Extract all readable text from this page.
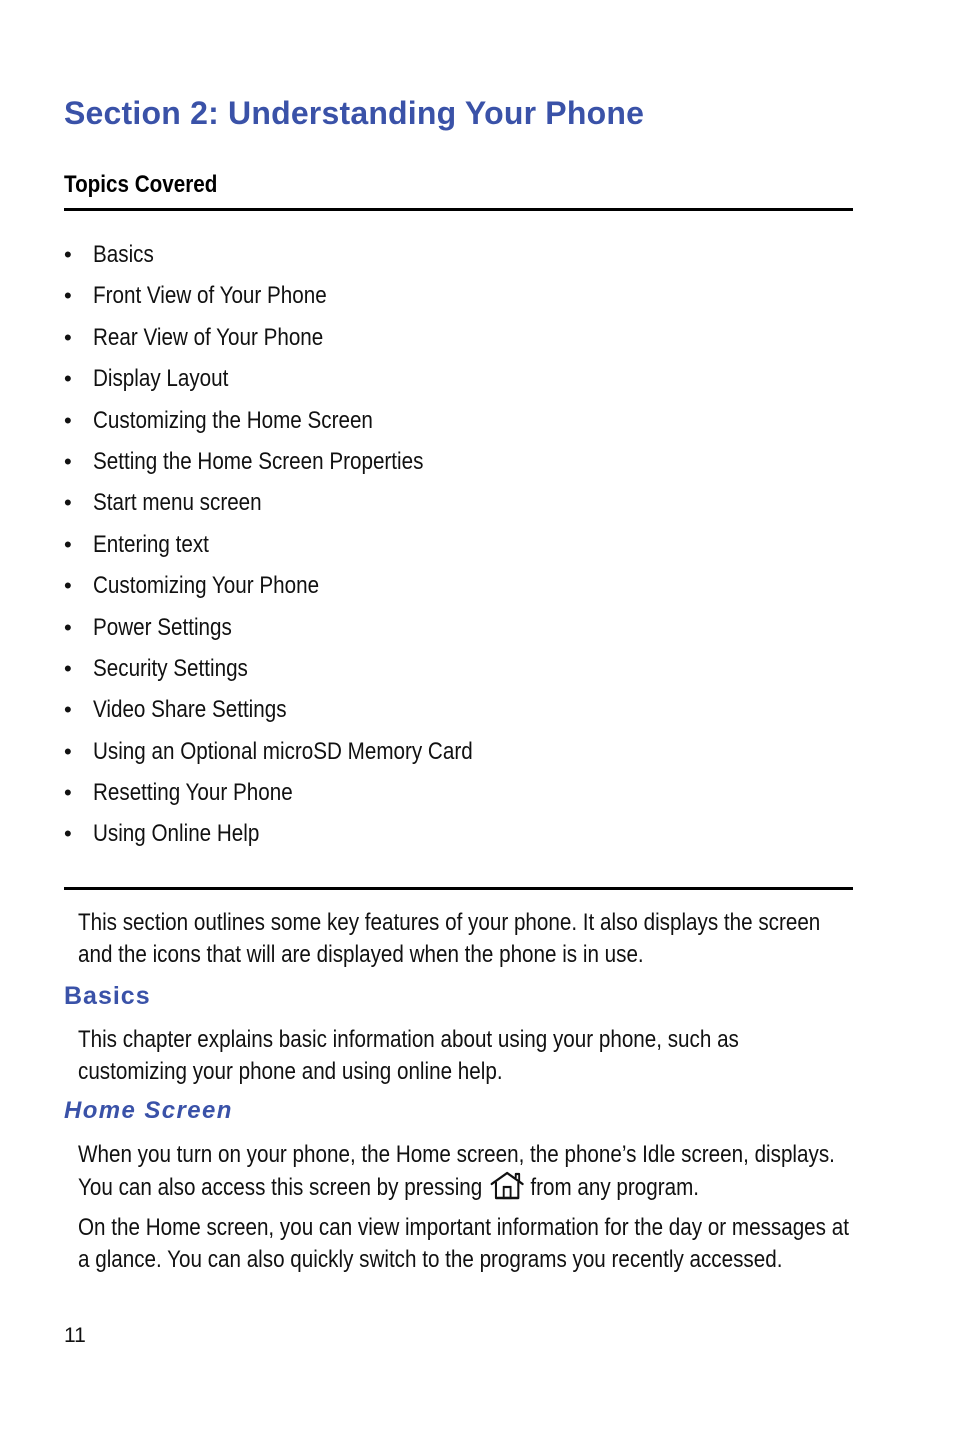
Section 2: Understanding Your Phone
Topics Covered
• Basics
• Front View of Your Phone
• Rear View of Your Phone
• Display Layout
• Customizing the Home Screen
• Setting the Home Screen Properties
• Start menu screen
• Entering text
• Customizing Your Phone
• Power Settings
• Security Settings
• Video Share Settings
• Using an Optional microSD Memory Card
• Resetting Your Phone
• Using Online Help
This section outlines some key features of your phone. It also displays the screen
and the icons that will are displayed when the phone is in use.
Basics
This chapter explains basic information about using your phone, such as
customizing your phone and using online help.
Home Screen
When you turn on your phone, the Home screen, the phone’s Idle screen, displays.
You can also access this screen by pressing from any program.
On the Home screen, you can view important information for the day or messages at
a glance. You can also quickly switch to the programs you recently accessed.
11
